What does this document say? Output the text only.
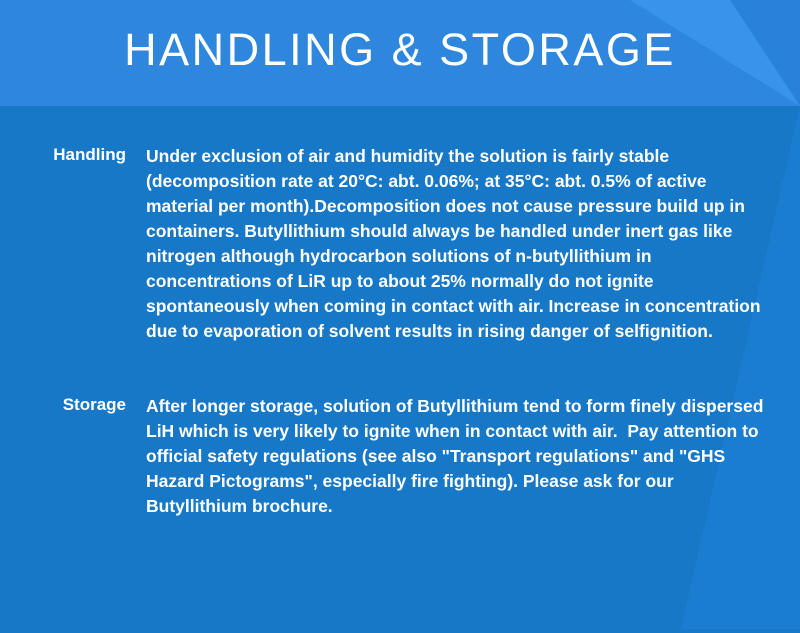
HANDLING & STORAGE
Handling Under exclusion of air and humidity the solution is fairly stable (decomposition rate at 20°C: abt. 0.06%; at 35°C: abt. 0.5% of active material per month).Decomposition does not cause pressure build up in containers. Butyllithium should always be handled under inert gas like nitrogen although hydrocarbon solutions of n-butyllithium in concentrations of LiR up to about 25% normally do not ignite spontaneously when coming in contact with air. Increase in concentration due to evaporation of solvent results in rising danger of selfignition.
Storage After longer storage, solution of Butyllithium tend to form finely dispersed LiH which is very likely to ignite when in contact with air.  Pay attention to official safety regulations (see also "Transport regulations" and "GHS Hazard Pictograms", especially fire fighting). Please ask for our Butyllithium brochure.
